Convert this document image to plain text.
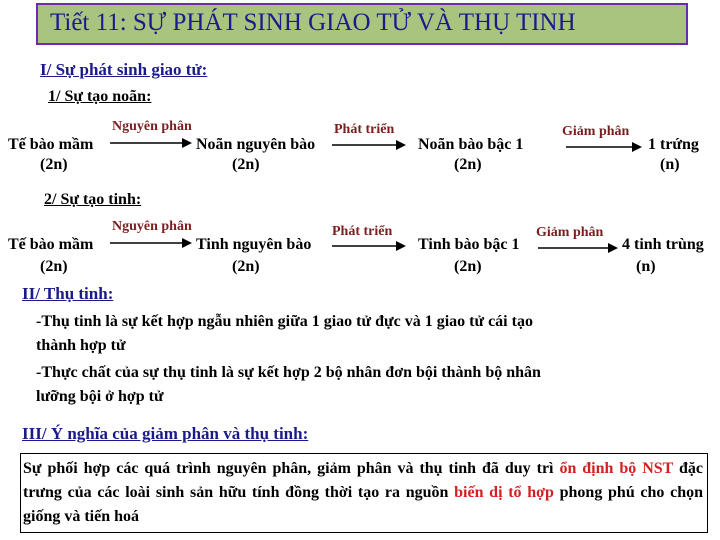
Tiết 11: SỰ PHÁT SINH GIAO TỬ VÀ THỤ TINH
I/ Sự phát sinh giao tử:
1/ Sự tạo noãn:
Tế bào mầm
(2n)
Nguyên phân
Noãn nguyên bào
(2n)
Phát triển
Noãn bào bậc 1
(2n)
Giảm phân
1 trứng
(n)
2/ Sự tạo tinh:
Tế bào mầm
(2n)
Nguyên phân
Tinh nguyên bào
(2n)
Phát triển
Tinh bào bậc 1
(2n)
Giảm phân
4 tinh trùng
(n)
II/ Thụ tinh:
-Thụ tinh là sự kết hợp ngẫu nhiên giữa 1 giao tử đực và 1 giao tử cái tạo
thành hợp tử
-Thực chất của sự thụ tinh là sự kết hợp 2 bộ nhân đơn bội thành bộ nhân
lưỡng bội ở hợp tử
III/ Ý nghĩa của giảm phân và thụ tinh:

Sự phối hợp các quá trình nguyên phân, giảm phân và thụ tinh đã duy trì ổn định bộ NST đặc trưng của các loài sinh sản hữu tính đồng thời tạo ra nguồn biến dị tổ hợp phong phú cho chọn giống và tiến hoá
